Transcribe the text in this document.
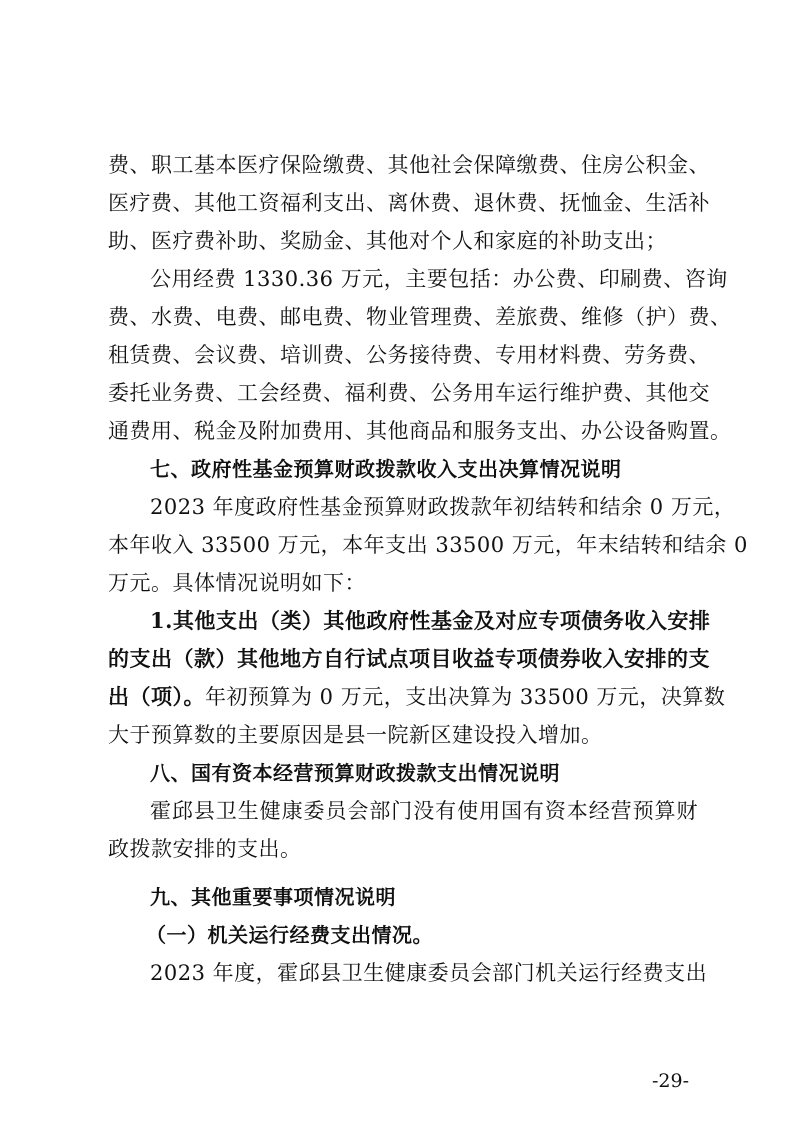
费、职工基本医疗保险缴费、其他社会保障缴费、住房公积金、
医疗费、其他工资福利支出、离休费、退休费、抚恤金、生活补
助、医疗费补助、奖励金、其他对个人和家庭的补助支出；
公用经费 1330.36 万元，主要包括：办公费、印刷费、咨询
费、水费、电费、邮电费、物业管理费、差旅费、维修（护）费、
租赁费、会议费、培训费、公务接待费、专用材料费、劳务费、
委托业务费、工会经费、福利费、公务用车运行维护费、其他交
通费用、税金及附加费用、其他商品和服务支出、办公设备购置。
七、政府性基金预算财政拨款收入支出决算情况说明
2023 年度政府性基金预算财政拨款年初结转和结余 0 万元，
本年收入 33500 万元，本年支出 33500 万元，年末结转和结余 0
万元。具体情况说明如下：
1.其他支出（类）其他政府性基金及对应专项债务收入安排
的支出（款）其他地方自行试点项目收益专项债券收入安排的支
出（项）。年初预算为 0 万元，支出决算为 33500 万元，决算数
大于预算数的主要原因是县一院新区建设投入增加。
八、国有资本经营预算财政拨款支出情况说明
霍邱县卫生健康委员会部门没有使用国有资本经营预算财
政拨款安排的支出。
九、其他重要事项情况说明
（一）机关运行经费支出情况。
2023 年度，霍邱县卫生健康委员会部门机关运行经费支出
-29-
